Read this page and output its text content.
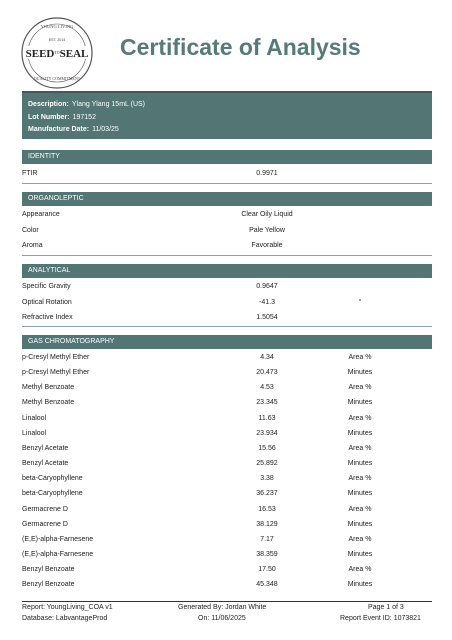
YOUNG LIVING
EST. 2014
SEED TO SEAL
QUALITY COMMITMENT
Certificate of Analysis
Description: Ylang Ylang 15mL (US)
Lot Number: 197152
Manufacture Date: 11/03/25
IDENTITY
FTIR	0.9971
ORGANOLEPTIC
Appearance	Clear Oily Liquid
Color	Pale Yellow
Aroma	Favorable
ANALYTICAL
Specific Gravity	0.9647
Optical Rotation	-41.3	°
Refractive Index	1.5054
GAS CHROMATOGRAPHY
p-Cresyl Methyl Ether	4.34	Area %
p-Cresyl Methyl Ether	20.473	Minutes
Methyl Benzoate	4.53	Area %
Methyl Benzoate	23.345	Minutes
Linalool	11.63	Area %
Linalool	23.934	Minutes
Benzyl Acetate	15.56	Area %
Benzyl Acetate	25.892	Minutes
beta-Caryophyllene	3.38	Area %
beta-Caryophyllene	36.237	Minutes
Germacrene D	16.53	Area %
Germacrene D	38.129	Minutes
(E,E)-alpha-Farnesene	7.17	Area %
(E,E)-alpha-Farnesene	38.359	Minutes
Benzyl Benzoate	17.50	Area %
Benzyl Benzoate	45.348	Minutes
Report: YoungLiving_COA v1
Database: LabvantageProd
Generated By: Jordan White
On: 11/06/2025
Page 1 of 3
Report Event ID: 1073821
